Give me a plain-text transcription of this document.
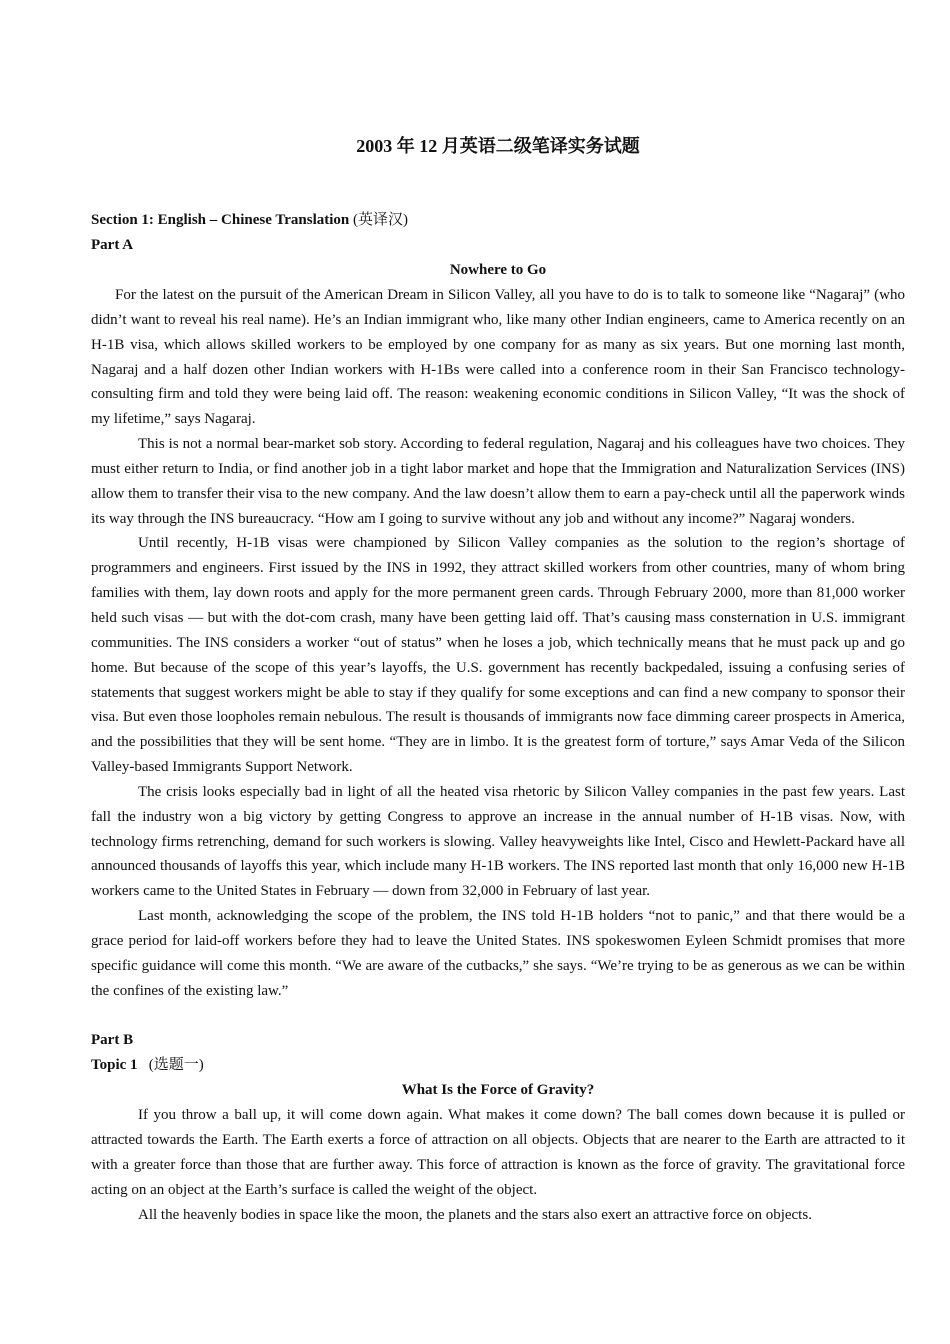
2003 年 12 月英语二级笔译实务试题

Section 1: English – Chinese Translation (英译汉)

Part A

Nowhere to Go

For the latest on the pursuit of the American Dream in Silicon Valley, all you have to do is to talk to someone like “Nagaraj” (who didn’t want to reveal his real name). He’s an Indian immigrant who, like many other Indian engineers, came to America recently on an H-1B visa, which allows skilled workers to be employed by one company for as many as six years. But one morning last month, Nagaraj and a half dozen other Indian workers with H-1Bs were called into a conference room in their San Francisco technology-consulting firm and told they were being laid off. The reason: weakening economic conditions in Silicon Valley, “It was the shock of my lifetime,” says Nagaraj.

This is not a normal bear-market sob story. According to federal regulation, Nagaraj and his colleagues have two choices. They must either return to India, or find another job in a tight labor market and hope that the Immigration and Naturalization Services (INS) allow them to transfer their visa to the new company. And the law doesn’t allow them to earn a pay-check until all the paperwork winds its way through the INS bureaucracy. “How am I going to survive without any job and without any income?” Nagaraj wonders.

Until recently, H-1B visas were championed by Silicon Valley companies as the solution to the region’s shortage of programmers and engineers. First issued by the INS in 1992, they attract skilled workers from other countries, many of whom bring families with them, lay down roots and apply for the more permanent green cards. Through February 2000, more than 81,000 worker held such visas — but with the dot-com crash, many have been getting laid off. That’s causing mass consternation in U.S. immigrant communities. The INS considers a worker “out of status” when he loses a job, which technically means that he must pack up and go home. But because of the scope of this year’s layoffs, the U.S. government has recently backpedaled, issuing a confusing series of statements that suggest workers might be able to stay if they qualify for some exceptions and can find a new company to sponsor their visa. But even those loopholes remain nebulous. The result is thousands of immigrants now face dimming career prospects in America, and the possibilities that they will be sent home. “They are in limbo. It is the greatest form of torture,” says Amar Veda of the Silicon Valley-based Immigrants Support Network.

The crisis looks especially bad in light of all the heated visa rhetoric by Silicon Valley companies in the past few years. Last fall the industry won a big victory by getting Congress to approve an increase in the annual number of H-1B visas. Now, with technology firms retrenching, demand for such workers is slowing. Valley heavyweights like Intel, Cisco and Hewlett-Packard have all announced thousands of layoffs this year, which include many H-1B workers. The INS reported last month that only 16,000 new H-1B workers came to the United States in February — down from 32,000 in February of last year.

Last month, acknowledging the scope of the problem, the INS told H-1B holders “not to panic,” and that there would be a grace period for laid-off workers before they had to leave the United States. INS spokeswomen Eyleen Schmidt promises that more specific guidance will come this month. “We are aware of the cutbacks,” she says. “We’re trying to be as generous as we can be within the confines of the existing law.”

Part B

Topic 1 (选题一)

What Is the Force of Gravity?

If you throw a ball up, it will come down again. What makes it come down? The ball comes down because it is pulled or attracted towards the Earth. The Earth exerts a force of attraction on all objects. Objects that are nearer to the Earth are attracted to it with a greater force than those that are further away. This force of attraction is known as the force of gravity. The gravitational force acting on an object at the Earth’s surface is called the weight of the object.

All the heavenly bodies in space like the moon, the planets and the stars also exert an attractive force on objects.
